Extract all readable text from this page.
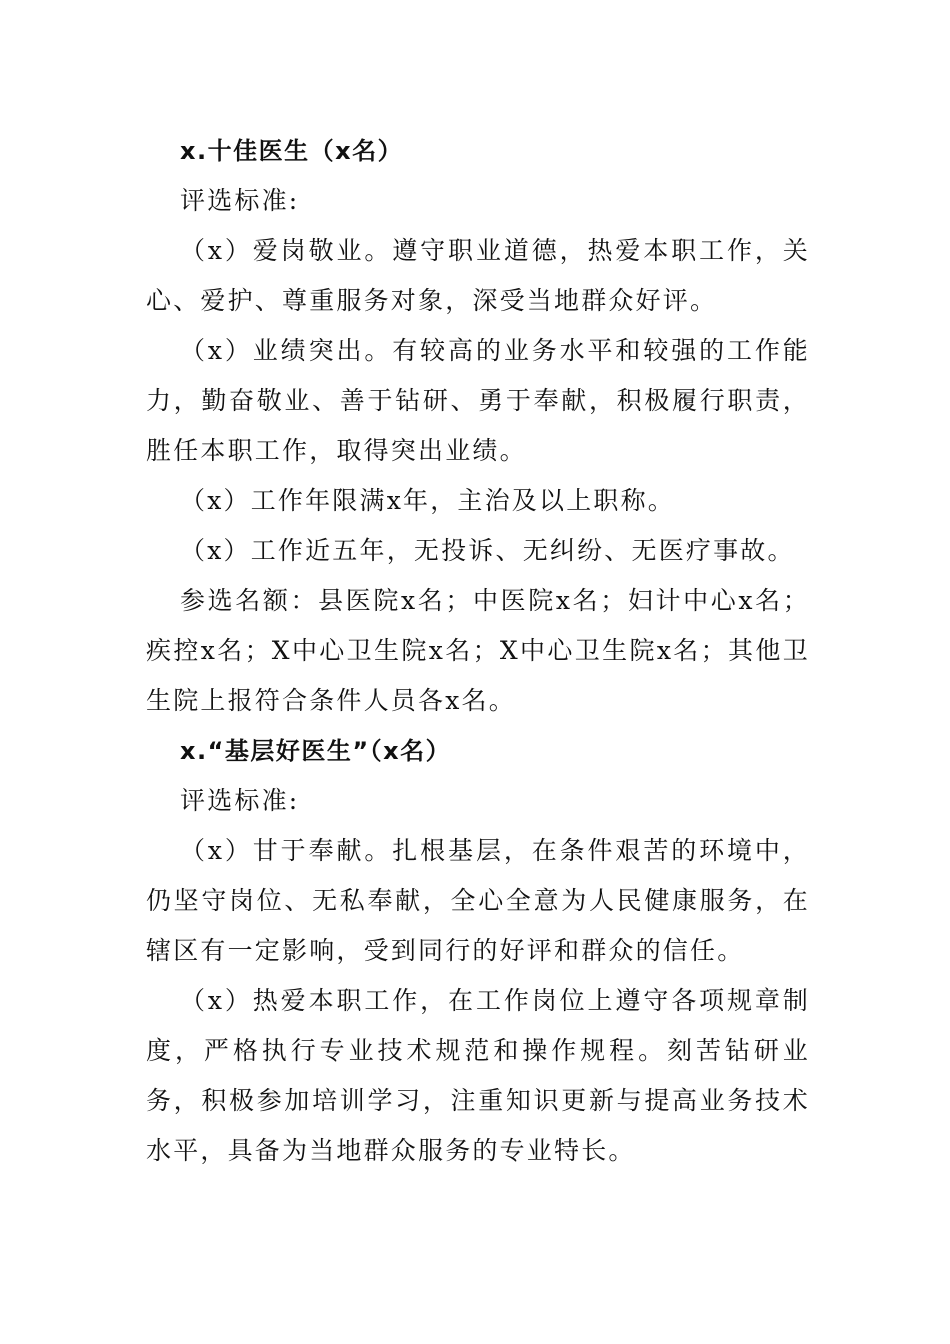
x.十佳医生（x名）

评选标准:

（x）爱岗敬业。遵守职业道德，热爱本职工作，关心、爱护、尊重服务对象，深受当地群众好评。

（x）业绩突出。有较高的业务水平和较强的工作能力，勤奋敬业、善于钻研、勇于奉献，积极履行职责，胜任本职工作，取得突出业绩。

（x）工作年限满x年，主治及以上职称。

（x）工作近五年，无投诉、无纠纷、无医疗事故。

参选名额：县医院x名；中医院x名；妇计中心x名；疾控x名；X中心卫生院x名；X中心卫生院x名；其他卫生院上报符合条件人员各x名。

x.“基层好医生”（x名）

评选标准:

（x）甘于奉献。扎根基层，在条件艰苦的环境中，仍坚守岗位、无私奉献，全心全意为人民健康服务，在辖区有一定影响，受到同行的好评和群众的信任。

（x）热爱本职工作，在工作岗位上遵守各项规章制度，严格执行专业技术规范和操作规程。刻苦钻研业务，积极参加培训学习，注重知识更新与提高业务技术水平，具备为当地群众服务的专业特长。
